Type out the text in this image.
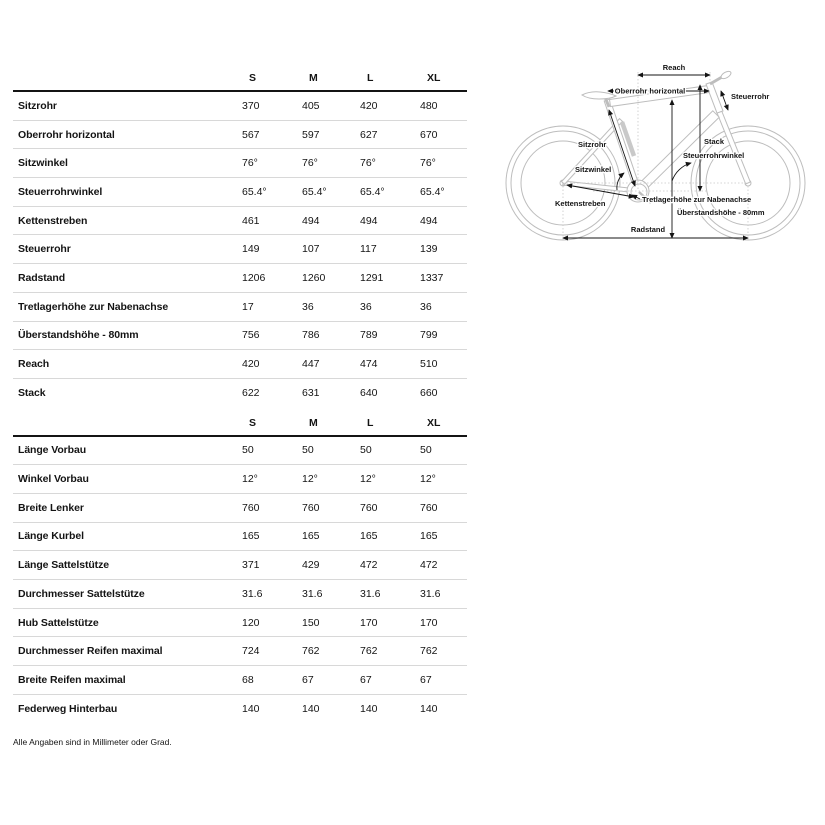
S	M	L	XL
Sitzrohr	370	405	420	480
Oberrohr horizontal	567	597	627	670
Sitzwinkel	76°	76°	76°	76°
Steuerrohrwinkel	65.4°	65.4°	65.4°	65.4°
Kettenstreben	461	494	494	494
Steuerrohr	149	107	117	139
Radstand	1206	1260	1291	1337
Tretlagerhöhe zur Nabenachse	17	36	36	36
Überstandshöhe - 80mm	756	786	789	799
Reach	420	447	474	510
Stack	622	631	640	660
S	M	L	XL
Länge Vorbau	50	50	50	50
Winkel Vorbau	12°	12°	12°	12°
Breite Lenker	760	760	760	760
Länge Kurbel	165	165	165	165
Länge Sattelstütze	371	429	472	472
Durchmesser Sattelstütze	31.6	31.6	31.6	31.6
Hub Sattelstütze	120	150	170	170
Durchmesser Reifen maximal	724	762	762	762
Breite Reifen maximal	68	67	67	67
Federweg Hinterbau	140	140	140	140
Alle Angaben sind in Millimeter oder Grad.
Reach
Oberrohr horizontal
Steuerrohr
Stack
Sitzrohr
Sitzwinkel
Steuerrohrwinkel
Kettenstreben	Tretlagerhöhe zur Nabenachse
Überstandshöhe - 80mm
Radstand
